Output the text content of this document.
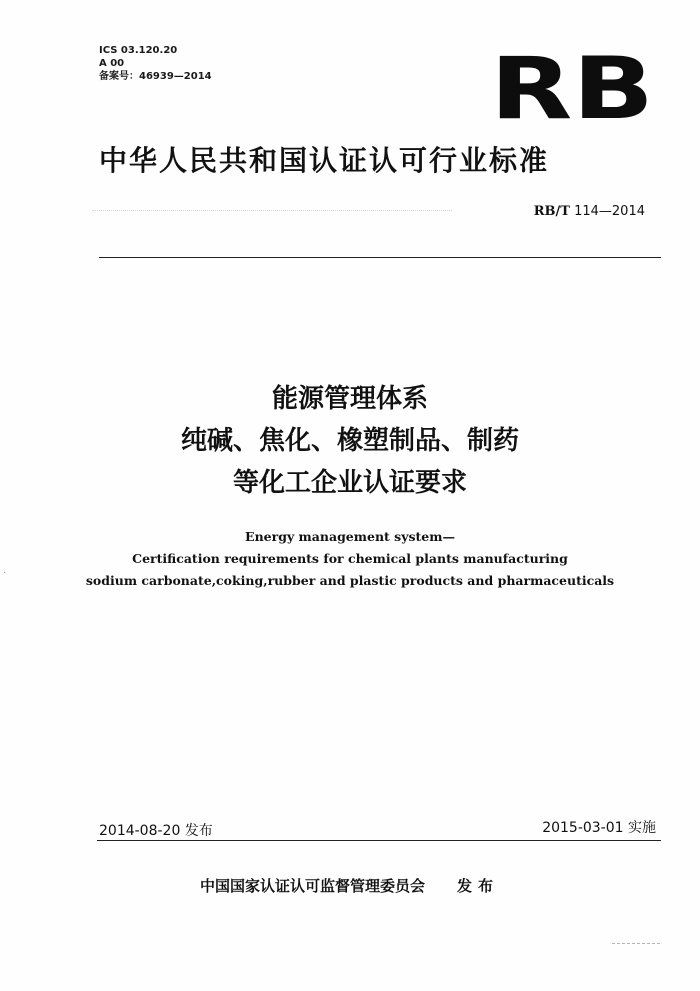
ICS 03.120.20
A 00
备案号：46939—2014	RB
中华人民共和国认证认可行业标准
RB/T 114—2014
能源管理体系
纯碱、焦化、橡塑制品、制药
等化工企业认证要求
Energy management system—
Certification requirements for chemical plants manufacturing
sodium carbonate,coking,rubber and plastic products and pharmaceuticals
·
2014-08-20 发布	2015-03-01 实施
中国国家认证认可监督管理委员会 发布
